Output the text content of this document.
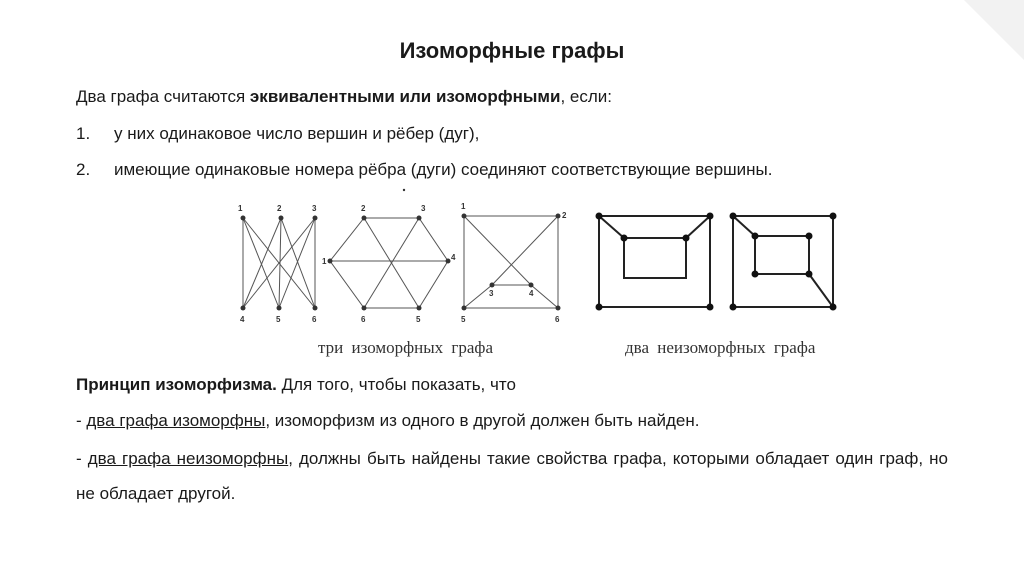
Изоморфные графы
Два графа считаются эквивалентными или изоморфными, если:
1. у них одинаковое число вершин и рёбер (дуг),
2. имеющие одинаковые номера рёбра (дуги) соединяют соответствующие вершины.
1	2	3
4	5	6
2	3
1	4
6	5
1
2
3	4
5	6
три изоморфных графа	два неизоморфных графа
Принцип изоморфизма. Для того, чтобы показать, что
- два графа изоморфны, изоморфизм из одного в другой должен быть найден.
- два графа неизоморфны, должны быть найдены такие свойства графа, которыми обладает один граф, но не обладает другой.
